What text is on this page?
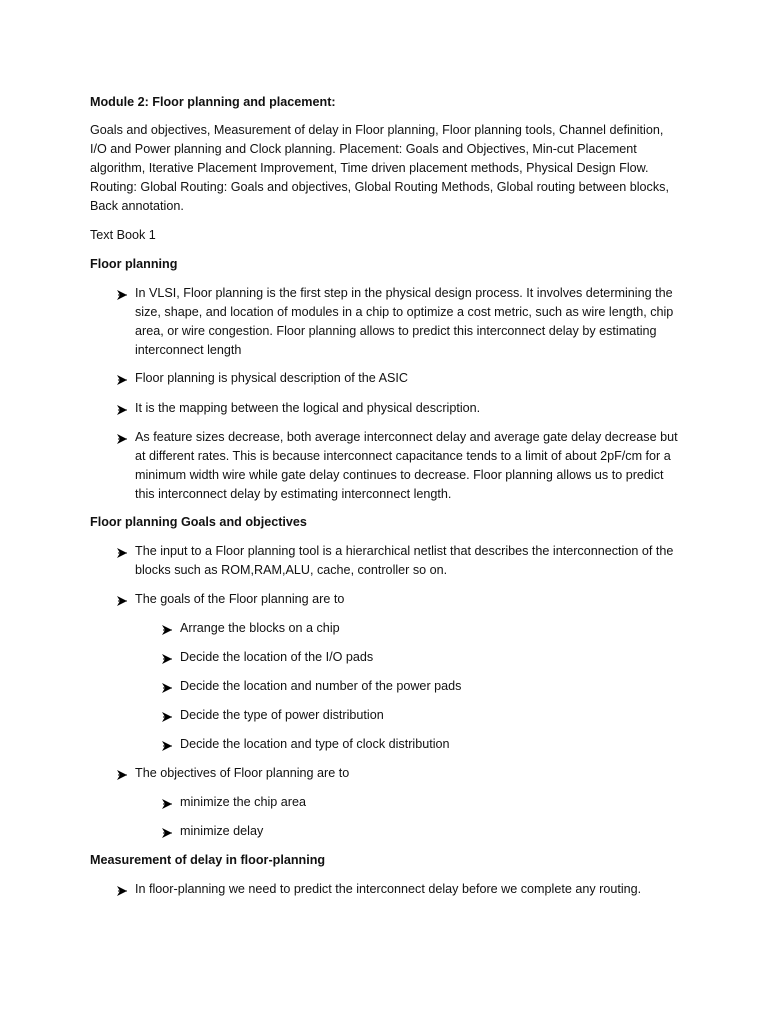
Module 2: Floor planning and placement:

Goals and objectives, Measurement of delay in Floor planning, Floor planning tools, Channel definition, I/O and Power planning and Clock planning. Placement: Goals and Objectives, Min-cut Placement algorithm, Iterative Placement Improvement, Time driven placement methods, Physical Design Flow. Routing: Global Routing: Goals and objectives, Global Routing Methods, Global routing between blocks, Back annotation.

Text Book 1

Floor planning

In VLSI, Floor planning is the first step in the physical design process. It involves determining the size, shape, and location of modules in a chip to optimize a cost metric, such as wire length, chip area, or wire congestion. Floor planning allows to predict this interconnect delay by estimating interconnect length
Floor planning is physical description of the ASIC
It is the mapping between the logical and physical description.
As feature sizes decrease, both average interconnect delay and average gate delay decrease but at different rates. This is because interconnect capacitance tends to a limit of about 2pF/cm for a minimum width wire while gate delay continues to decrease. Floor planning allows us to predict this interconnect delay by estimating interconnect length.

Floor planning Goals and objectives

The input to a Floor planning tool is a hierarchical netlist that describes the interconnection of the blocks such as ROM,RAM,ALU, cache, controller so on.
The goals of the Floor planning are to
Arrange the blocks on a chip
Decide the location of the I/O pads
Decide the location and number of the power pads
Decide the type of power distribution
Decide the location and type of clock distribution
The objectives of Floor planning are to
minimize the chip area
minimize delay

Measurement of delay in floor-planning

In floor-planning we need to predict the interconnect delay before we complete any routing.
